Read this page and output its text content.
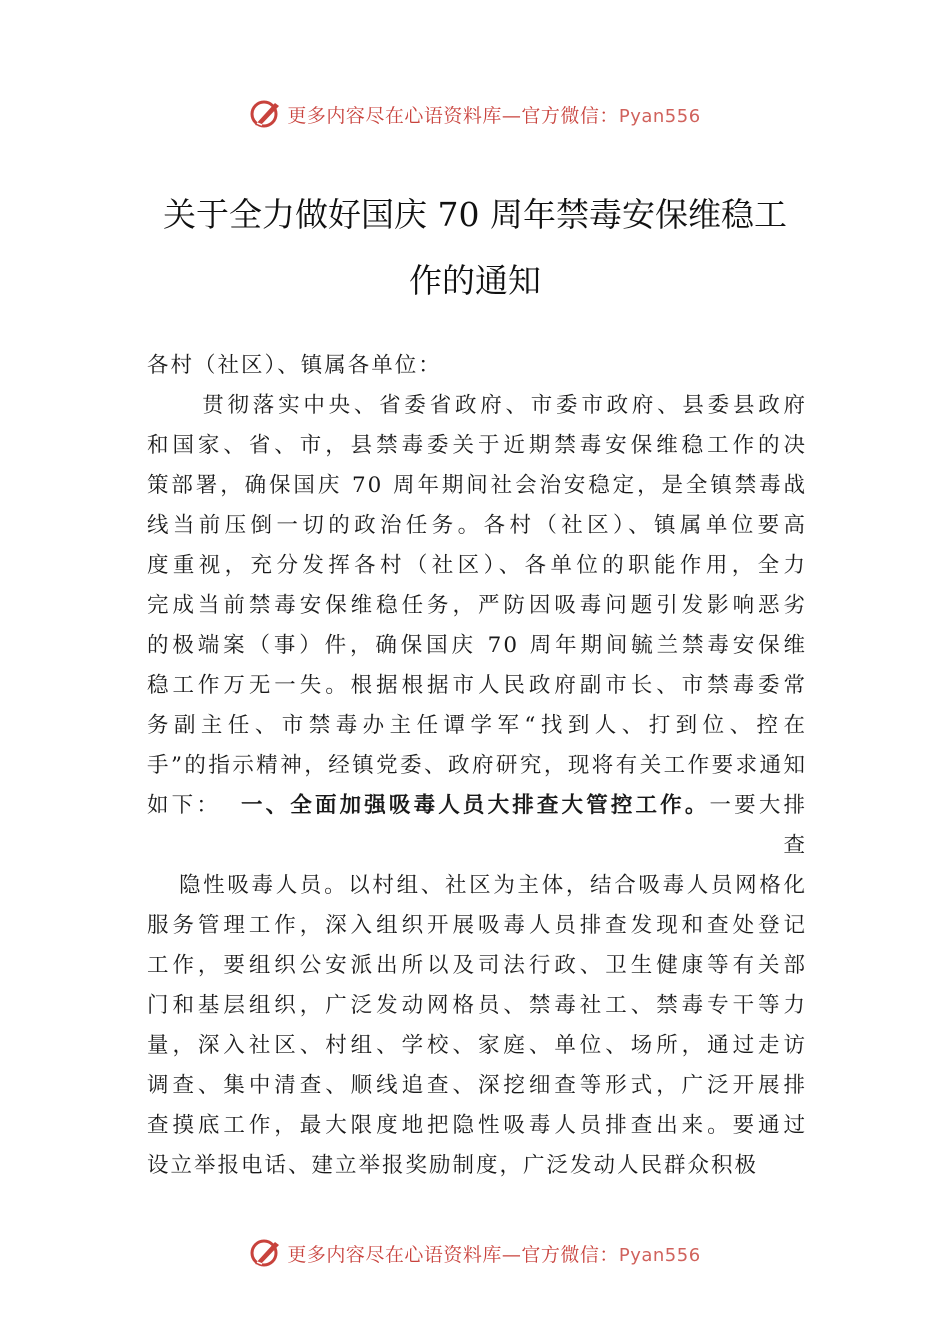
更多内容尽在心语资料库—官方微信：Pyan556
关于全力做好国庆 70 周年禁毒安保维稳工
作的通知
各村（社区）、镇属各单位：
　贯彻落实中央、省委省政府、市委市政府、县委县政府
和国家、省、市，县禁毒委关于近期禁毒安保维稳工作的决
策部署，确保国庆 70 周年期间社会治安稳定，是全镇禁毒战
线当前压倒一切的政治任务。各村（社区）、镇属单位要高
度重视，充分发挥各村（社区）、各单位的职能作用，全力
完成当前禁毒安保维稳任务，严防因吸毒问题引发影响恶劣
的极端案（事）件，确保国庆 70 周年期间毓兰禁毒安保维
稳工作万无一失。根据根据市人民政府副市长、市禁毒委常
务副主任、市禁毒办主任谭学军“找到人、打到位、控在
手”的指示精神，经镇党委、政府研究，现将有关工作要求通知
如下： 一、全面加强吸毒人员大排查大管控工作。一要大排
查
隐性吸毒人员。以村组、社区为主体，结合吸毒人员网格化
服务管理工作，深入组织开展吸毒人员排查发现和查处登记
工作，要组织公安派出所以及司法行政、卫生健康等有关部
门和基层组织，广泛发动网格员、禁毒社工、禁毒专干等力
量，深入社区、村组、学校、家庭、单位、场所，通过走访
调查、集中清查、顺线追查、深挖细查等形式，广泛开展排
查摸底工作，最大限度地把隐性吸毒人员排查出来。要通过
设立举报电话、建立举报奖励制度，广泛发动人民群众积极
更多内容尽在心语资料库—官方微信：Pyan556
